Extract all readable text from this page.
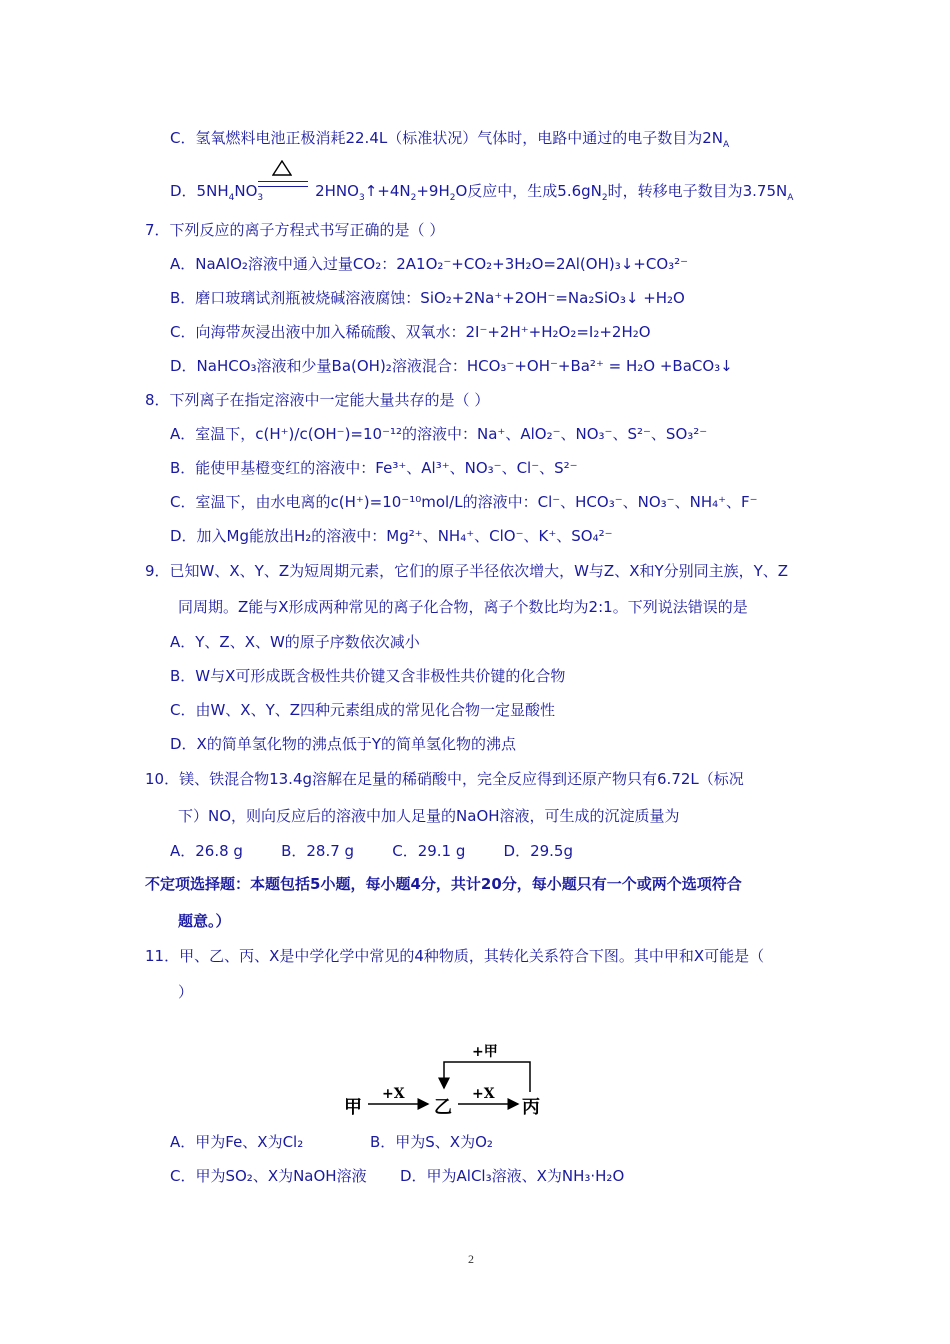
C．氢氧燃料电池正极消耗22.4L（标准状况）气体时，电路中通过的电子数目为$2N_A$
D．$5NH_4NO_3$	$2HNO_3↑+4N_2+9H_2O$反应中，生成$5.6gN_2$时，转移电子数目为$3.75N_A$
7．下列反应的离子方程式书写正确的是（ ）
A．NaAlO₂溶液中通入过量CO₂：2A1O₂⁻+CO₂+3H₂O=2Al(OH)₃↓+CO₃²⁻
B．磨口玻璃试剂瓶被烧碱溶液腐蚀：SiO₂+2Na⁺+2OH⁻=Na₂SiO₃↓ +H₂O
C．向海带灰浸出液中加入稀硫酸、双氧水：2I⁻+2H⁺+H₂O₂=I₂+2H₂O
D．NaHCO₃溶液和少量Ba(OH)₂溶液混合：HCO₃⁻+OH⁻+Ba²⁺ = H₂O +BaCO₃↓
8．下列离子在指定溶液中一定能大量共存的是（ ）
A．室温下，c(H⁺)/c(OH⁻)=10⁻¹²的溶液中：Na⁺、AlO₂⁻、NO₃⁻、S²⁻、SO₃²⁻
B．能使甲基橙变红的溶液中：Fe³⁺、Al³⁺、NO₃⁻、Cl⁻、S²⁻
C．室温下，由水电离的c(H⁺)=10⁻¹⁰mol/L的溶液中：Cl⁻、HCO₃⁻、NO₃⁻、NH₄⁺、F⁻
D．加入Mg能放出H₂的溶液中：Mg²⁺、NH₄⁺、ClO⁻、K⁺、SO₄²⁻
9．已知W、X、Y、Z为短周期元素，它们的原子半径依次增大，W与Z、X和Y分别同主族，Y、Z
同周期。Z能与X形成两种常见的离子化合物，离子个数比均为2:1。下列说法错误的是
A．Y、Z、X、W的原子序数依次减小
B．W与X可形成既含极性共价键又含非极性共价键的化合物
C．由W、X、Y、Z四种元素组成的常见化合物一定显酸性
D．X的简单氢化物的沸点低于Y的简单氢化物的沸点
10．镁、铁混合物13.4g溶解在足量的稀硝酸中，完全反应得到还原产物只有6.72L（标况
下）NO，则向反应后的溶液中加人足量的NaOH溶液，可生成的沉淀质量为
A．26.8 g        B．28.7 g        C．29.1 g        D．29.5g
不定项选择题：本题包括5小题，每小题4分，共计20分，每小题只有一个或两个选项符合
题意。）
11．甲、乙、丙、X是中学化学中常见的4种物质，其转化关系符合下图。其中甲和X可能是（
）
甲	乙	丙
+X	+X
+甲
A．甲为Fe、X为Cl₂              B．甲为S、X为O₂
C．甲为SO₂、X为NaOH溶液       D．甲为AlCl₃溶液、X为NH₃·H₂O
2
